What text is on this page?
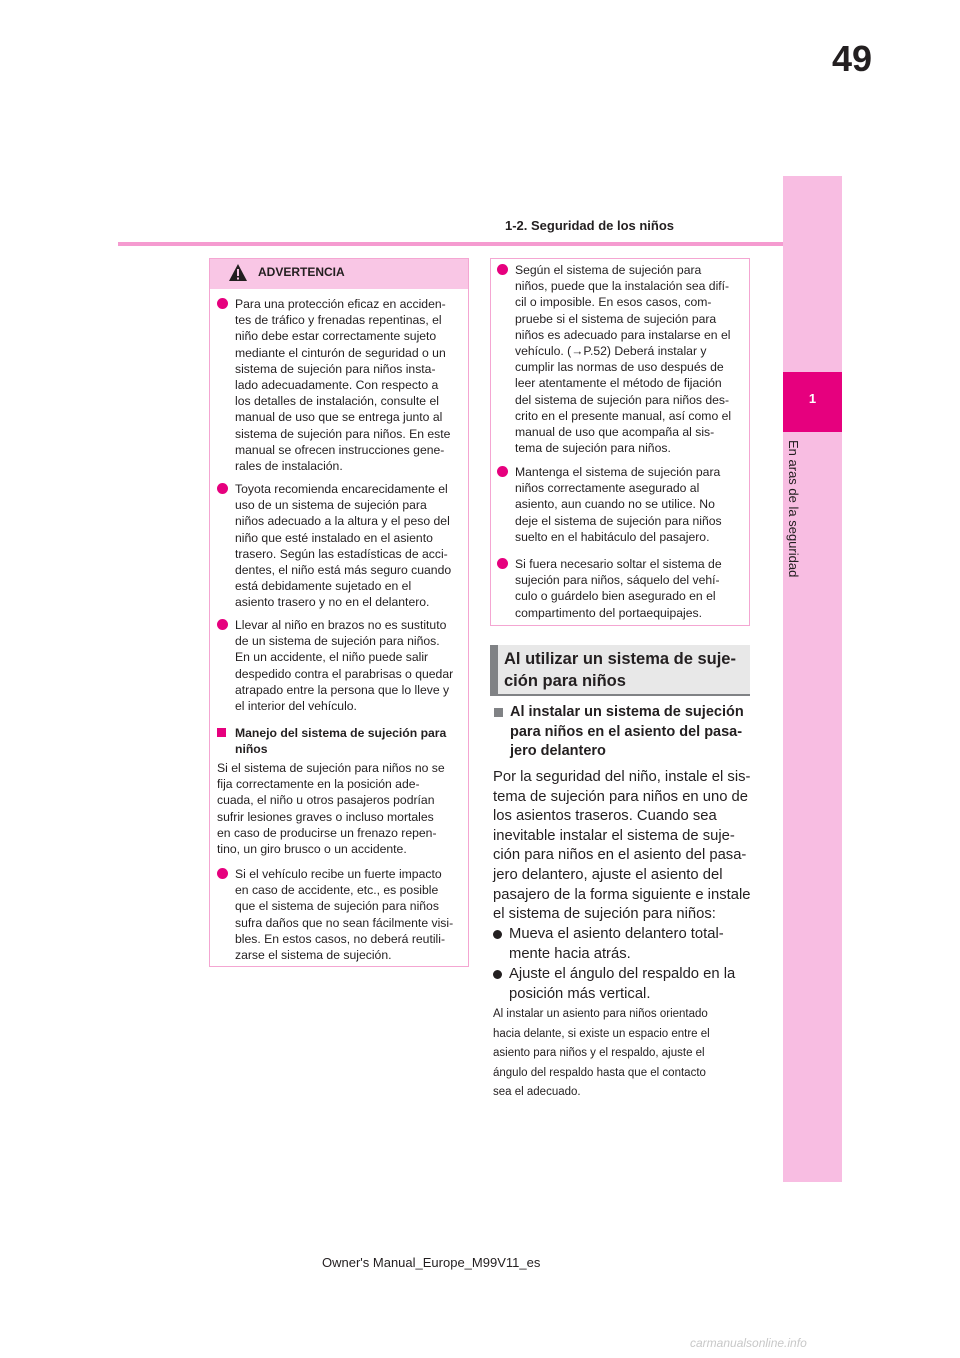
49
1-2. Seguridad de los niños
1
En aras de la seguridad
ADVERTENCIA
Para una protección eficaz en acciden-
tes de tráfico y frenadas repentinas, el
niño debe estar correctamente sujeto
mediante el cinturón de seguridad o un
sistema de sujeción para niños insta-
lado adecuadamente. Con respecto a
los detalles de instalación, consulte el
manual de uso que se entrega junto al
sistema de sujeción para niños. En este
manual se ofrecen instrucciones gene-
rales de instalación.
Toyota recomienda encarecidamente el
uso de un sistema de sujeción para
niños adecuado a la altura y el peso del
niño que esté instalado en el asiento
trasero. Según las estadísticas de acci-
dentes, el niño está más seguro cuando
está debidamente sujetado en el
asiento trasero y no en el delantero.
Llevar al niño en brazos no es sustituto
de un sistema de sujeción para niños.
En un accidente, el niño puede salir
despedido contra el parabrisas o quedar
atrapado entre la persona que lo lleve y
el interior del vehículo.
Manejo del sistema de sujeción para
niños
Si el sistema de sujeción para niños no se
fija correctamente en la posición ade-
cuada, el niño u otros pasajeros podrían
sufrir lesiones graves o incluso mortales
en caso de producirse un frenazo repen-
tino, un giro brusco o un accidente.
Si el vehículo recibe un fuerte impacto
en caso de accidente, etc., es posible
que el sistema de sujeción para niños
sufra daños que no sean fácilmente visi-
bles. En estos casos, no deberá reutili-
zarse el sistema de sujeción.
Según el sistema de sujeción para
niños, puede que la instalación sea difí-
cil o imposible. En esos casos, com-
pruebe si el sistema de sujeción para
niños es adecuado para instalarse en el
vehículo. (→P.52) Deberá instalar y
cumplir las normas de uso después de
leer atentamente el método de fijación
del sistema de sujeción para niños des-
crito en el presente manual, así como el
manual de uso que acompaña al sis-
tema de sujeción para niños.
Mantenga el sistema de sujeción para
niños correctamente asegurado al
asiento, aun cuando no se utilice. No
deje el sistema de sujeción para niños
suelto en el habitáculo del pasajero.
Si fuera necesario soltar el sistema de
sujeción para niños, sáquelo del vehí-
culo o guárdelo bien asegurado en el
compartimento del portaequipajes.
Al utilizar un sistema de suje-
ción para niños
Al instalar un sistema de sujeción
para niños en el asiento del pasa-
jero delantero
Por la seguridad del niño, instale el sis-
tema de sujeción para niños en uno de
los asientos traseros. Cuando sea
inevitable instalar el sistema de suje-
ción para niños en el asiento del pasa-
jero delantero, ajuste el asiento del
pasajero de la forma siguiente e instale
el sistema de sujeción para niños:
Mueva el asiento delantero total-
mente hacia atrás.
Ajuste el ángulo del respaldo en la
posición más vertical.
Al instalar un asiento para niños orientado
hacia delante, si existe un espacio entre el
asiento para niños y el respaldo, ajuste el
ángulo del respaldo hasta que el contacto
sea el adecuado.
Owner's Manual_Europe_M99V11_es
carmanualsonline.info
